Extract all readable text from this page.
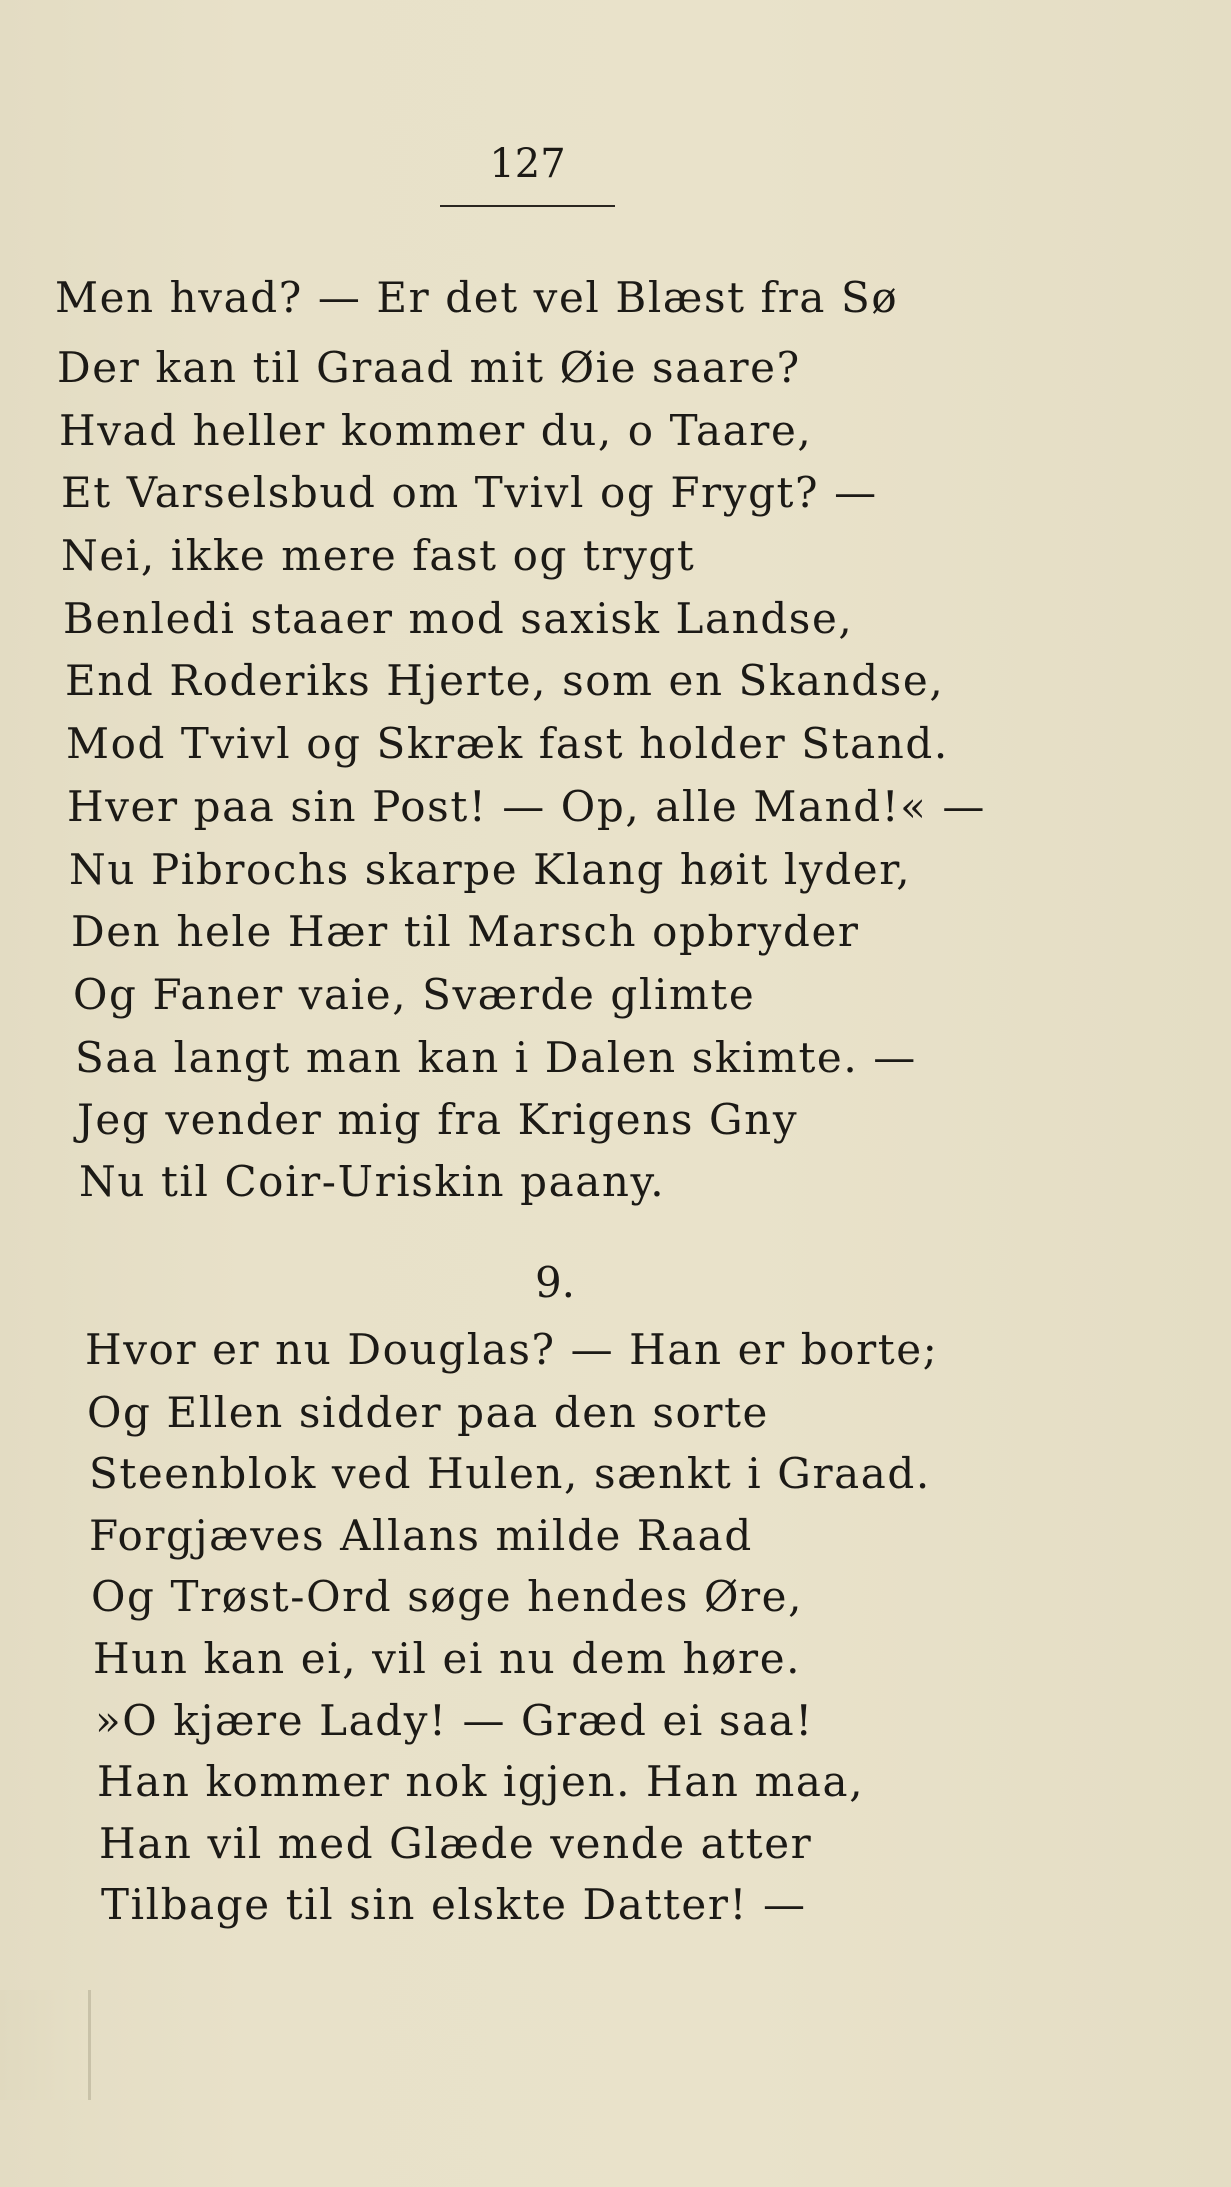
127
Men hvad? — Er det vel Blæst fra Sø
Der kan til Graad mit Øie saare?
Hvad heller kommer du, o Taare,
Et Varselsbud om Tvivl og Frygt? —
Nei, ikke mere fast og trygt
Benledi staaer mod saxisk Landse,
End Roderiks Hjerte, som en Skandse,
Mod Tvivl og Skræk fast holder Stand.
Hver paa sin Post! — Op, alle Mand!« —
Nu Pibrochs skarpe Klang høit lyder,
Den hele Hær til Marsch opbryder
Og Faner vaie, Sværde glimte
Saa langt man kan i Dalen skimte. —
Jeg vender mig fra Krigens Gny
Nu til Coir-Uriskin paany.
9.
Hvor er nu Douglas? — Han er borte;
Og Ellen sidder paa den sorte
Steenblok ved Hulen, sænkt i Graad.
Forgjæves Allans milde Raad
Og Trøst-Ord søge hendes Øre,
Hun kan ei, vil ei nu dem høre.
»O kjære Lady! — Græd ei saa!
Han kommer nok igjen. Han maa,
Han vil med Glæde vende atter
Tilbage til sin elskte Datter! —
